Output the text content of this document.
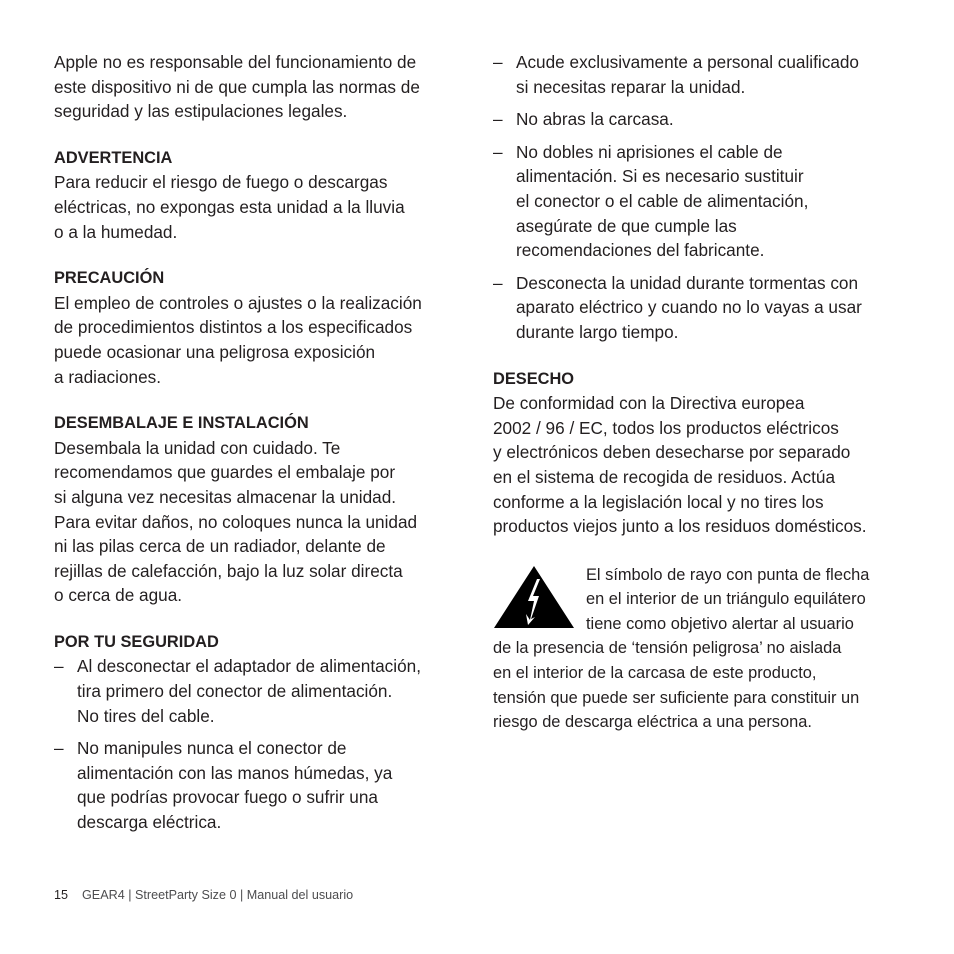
Apple no es responsable del funcionamiento de
este dispositivo ni de que cumpla las normas de
seguridad y las estipulaciones legales.
ADVERTENCIA
Para reducir el riesgo de fuego o descargas
eléctricas, no expongas esta unidad a la lluvia
o a la humedad.
PRECAUCIÓN
El empleo de controles o ajustes o la realización
de procedimientos distintos a los especificados
puede ocasionar una peligrosa exposición
a radiaciones.
DESEMBALAJE E INSTALACIÓN
Desembala la unidad con cuidado. Te
recomendamos que guardes el embalaje por
si alguna vez necesitas almacenar la unidad.
Para evitar daños, no coloques nunca la unidad
ni las pilas cerca de un radiador, delante de
rejillas de calefacción, bajo la luz solar directa
o cerca de agua.
POR TU SEGURIDAD
– Al desconectar el adaptador de alimentación,
tira primero del conector de alimentación.
No tires del cable.
– No manipules nunca el conector de
alimentación con las manos húmedas, ya
que podrías provocar fuego o sufrir una
descarga eléctrica.
– Acude exclusivamente a personal cualificado
si necesitas reparar la unidad.
– No abras la carcasa.
– No dobles ni aprisiones el cable de
alimentación. Si es necesario sustituir
el conector o el cable de alimentación,
asegúrate de que cumple las
recomendaciones del fabricante.
– Desconecta la unidad durante tormentas con
aparato eléctrico y cuando no lo vayas a usar
durante largo tiempo.
DESECHO
De conformidad con la Directiva europea
2002 / 96 / EC, todos los productos eléctricos
y electrónicos deben desecharse por separado
en el sistema de recogida de residuos. Actúa
conforme a la legislación local y no tires los
productos viejos junto a los residuos domésticos.
El símbolo de rayo con punta de flecha
en el interior de un triángulo equilátero
tiene como objetivo alertar al usuario
de la presencia de ‘tensión peligrosa’ no aislada
en el interior de la carcasa de este producto,
tensión que puede ser suficiente para constituir un
riesgo de descarga eléctrica a una persona.
15 GEAR4 | StreetParty Size 0 | Manual del usuario
